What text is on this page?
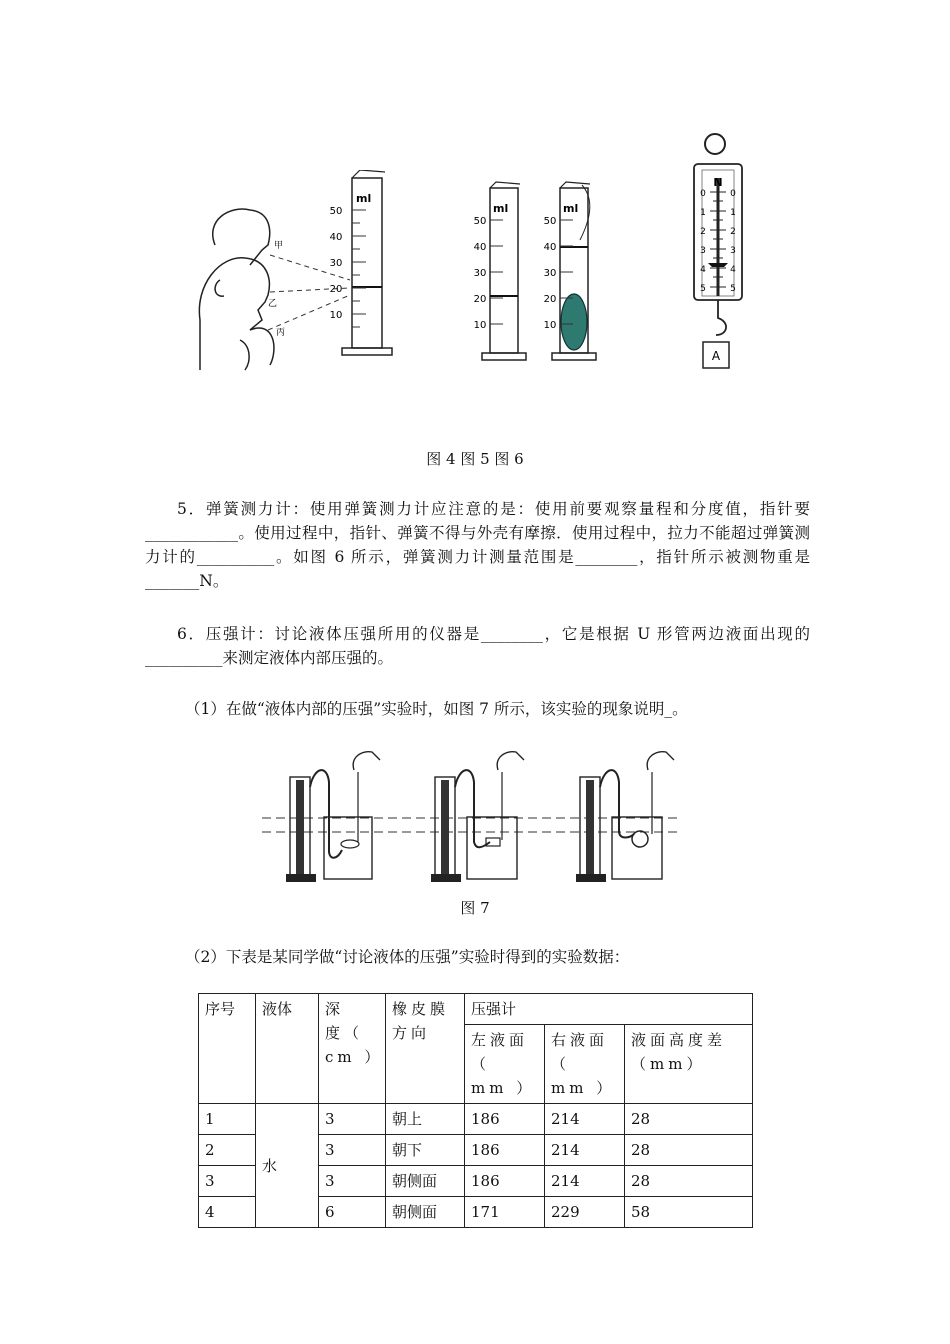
甲
乙
丙
ml
50
40
30
20
10
ml
50
40
30
20
10
ml
50
40
30
20
10
N
0
1
2
3
4
5
0
1
2
3
4
5
A
图 4 图 5 图 6
5．弹簧测力计：使用弹簧测力计应注意的是：使用前要观察量程和分度值，指针要____________。使用过程中，指针、弹簧不得与外壳有摩擦．使用过程中，拉力不能超过弹簧测力计的__________。如图 6 所示，弹簧测力计测量范围是________，指针所示被测物重是_______N。
6．压强计：讨论液体压强所用的仪器是________，它是根据 U 形管两边液面出现的__________来测定液体内部压强的。
（1）在做“液体内部的压强”实验时，如图 7 所示，该实验的现象说明_。
图 7
（2）下表是某同学做“讨论液体的压强”实验时得到的实验数据：
序号	液体	深　度（ cm ）	橡皮膜方向	压强计		
				左液面（　mm ）	右液面（　mm ）	液面高度差（mm）
1	水	3	朝上	186	214	28
2		3	朝下	186	214	28
3		3	朝侧面	186	214	28
4		6	朝侧面	171	229	58
